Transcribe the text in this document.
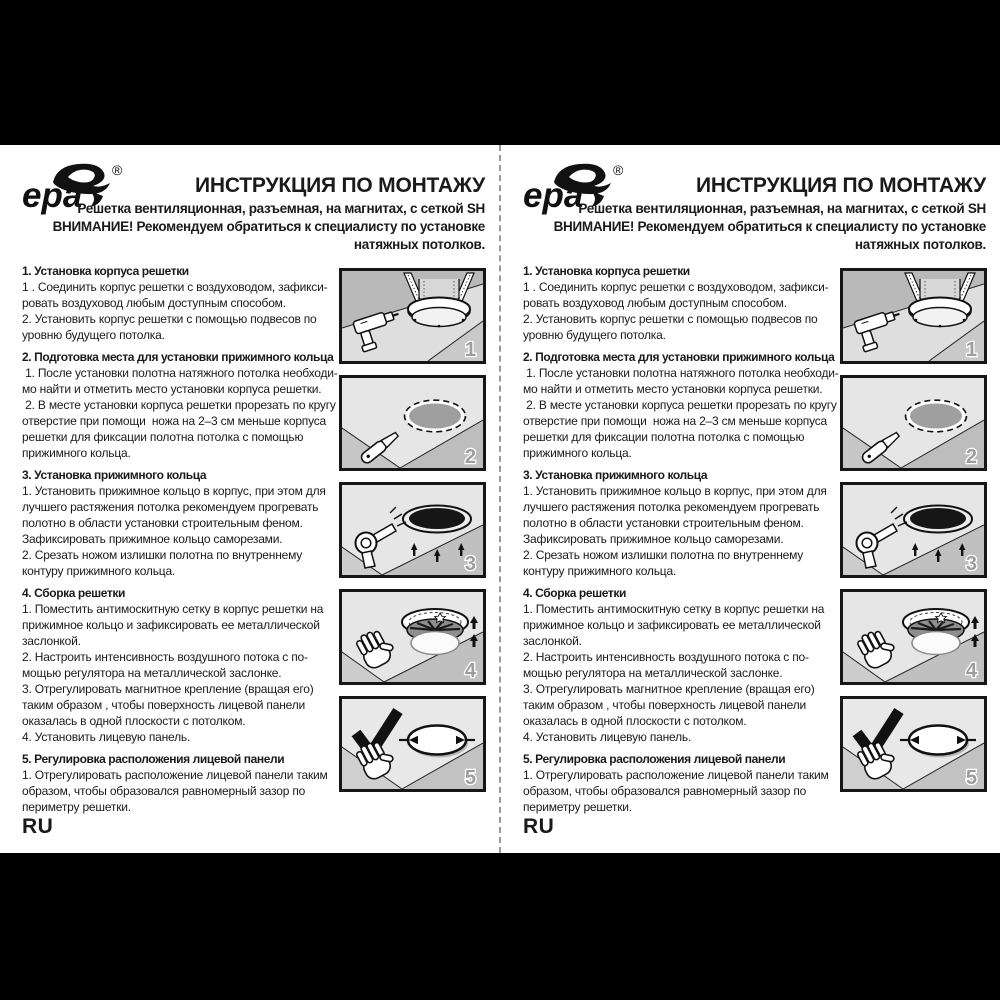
ера
®
ИНСТРУКЦИЯ ПО МОНТАЖУ
Решетка вентиляционная, разъемная, на магнитах, с сеткой SH
ВНИМАНИЕ! Рекомендуем обратиться к специалисту по установке
натяжных потолков.
1. Установка корпуса решетки
1 . Соединить корпус решетки с воздуховодом, зафикси-
ровать воздуховод любым доступным способом.
2. Установить корпус решетки с помощью подвесов по
уровню будущего потолка.
2. Подготовка места для установки прижимного кольца
1. После установки полотна натяжного потолка необходи-
мо найти и отметить место установки корпуса решетки.
2. В месте установки корпуса решетки прорезать по кругу
отверстие при помощи  ножа на 2–3 см меньше корпуса
решетки для фиксации полотна потолка с помощью
прижимного кольца.
3. Установка прижимного кольца
1. Установить прижимное кольцо в корпус, при этом для
лучшего растяжения потолка рекомендуем прогревать
полотно в области установки строительным феном.
Зафиксировать прижимное кольцо саморезами.
2. Срезать ножом излишки полотна по внутреннему
контуру прижимного кольца.
4. Сборка решетки
1. Поместить антимоскитную сетку в корпус решетки на
прижимное кольцо и зафиксировать ее металлической
заслонкой.
2. Настроить интенсивность воздушного потока с по-
мощью регулятора на металлической заслонке.
3. Отрегулировать магнитное крепление (вращая его)
таким образом , чтобы поверхность лицевой панели
оказалась в одной плоскости с потолком.
4. Установить лицевую панель.
5. Регулировка расположения лицевой панели
1. Отрегулировать расположение лицевой панели таким
образом, чтобы образовался равномерный зазор по
периметру решетки.
1
2
3
4
5
RU
ера
®
ИНСТРУКЦИЯ ПО МОНТАЖУ
Решетка вентиляционная, разъемная, на магнитах, с сеткой SH
ВНИМАНИЕ! Рекомендуем обратиться к специалисту по установке
натяжных потолков.
1. Установка корпуса решетки
1 . Соединить корпус решетки с воздуховодом, зафикси-
ровать воздуховод любым доступным способом.
2. Установить корпус решетки с помощью подвесов по
уровню будущего потолка.
2. Подготовка места для установки прижимного кольца
1. После установки полотна натяжного потолка необходи-
мо найти и отметить место установки корпуса решетки.
2. В месте установки корпуса решетки прорезать по кругу
отверстие при помощи  ножа на 2–3 см меньше корпуса
решетки для фиксации полотна потолка с помощью
прижимного кольца.
3. Установка прижимного кольца
1. Установить прижимное кольцо в корпус, при этом для
лучшего растяжения потолка рекомендуем прогревать
полотно в области установки строительным феном.
Зафиксировать прижимное кольцо саморезами.
2. Срезать ножом излишки полотна по внутреннему
контуру прижимного кольца.
4. Сборка решетки
1. Поместить антимоскитную сетку в корпус решетки на
прижимное кольцо и зафиксировать ее металлической
заслонкой.
2. Настроить интенсивность воздушного потока с по-
мощью регулятора на металлической заслонке.
3. Отрегулировать магнитное крепление (вращая его)
таким образом , чтобы поверхность лицевой панели
оказалась в одной плоскости с потолком.
4. Установить лицевую панель.
5. Регулировка расположения лицевой панели
1. Отрегулировать расположение лицевой панели таким
образом, чтобы образовался равномерный зазор по
периметру решетки.
1
2
3
4
5
RU
